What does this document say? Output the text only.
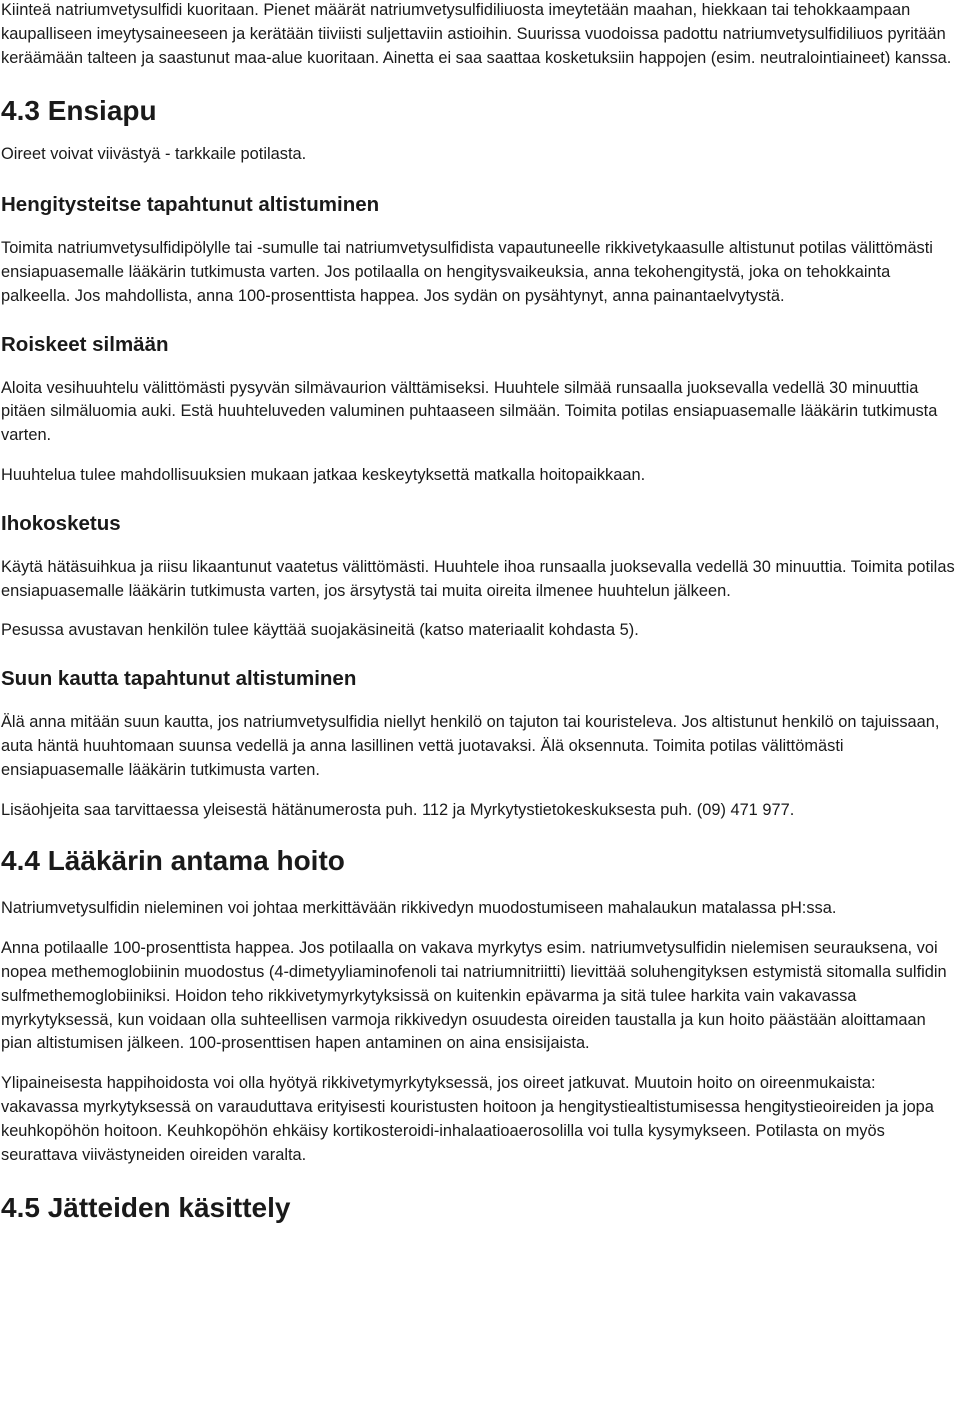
Kiinteä natriumvetysulfidi kuoritaan. Pienet määrät natriumvetysulfidiliuosta imeytetään maahan, hiekkaan tai tehokkaampaan kaupalliseen imeytysaineeseen ja kerätään tiiviisti suljettaviin astioihin. Suurissa vuodoissa padottu natriumvetysulfidiliuos pyritään keräämään talteen ja saastunut maa-alue kuoritaan. Ainetta ei saa saattaa kosketuksiin happojen (esim. neutralointiaineet) kanssa.

4.3 Ensiapu

Oireet voivat viivästyä - tarkkaile potilasta.

Hengitysteitse tapahtunut altistuminen

Toimita natriumvetysulfidipölylle tai -sumulle tai natriumvetysulfidista vapautuneelle rikkivetykaasulle altistunut potilas välittömästi ensiapuasemalle lääkärin tutkimusta varten. Jos potilaalla on hengitysvaikeuksia, anna tekohengitystä, joka on tehokkainta palkeella. Jos mahdollista, anna 100-prosenttista happea. Jos sydän on pysähtynyt, anna painantaelvytystä.

Roiskeet silmään

Aloita vesihuuhtelu välittömästi pysyvän silmävaurion välttämiseksi. Huuhtele silmää runsaalla juoksevalla vedellä 30 minuuttia pitäen silmäluomia auki. Estä huuhteluveden valuminen puhtaaseen silmään. Toimita potilas ensiapuasemalle lääkärin tutkimusta varten.

Huuhtelua tulee mahdollisuuksien mukaan jatkaa keskeytyksettä matkalla hoitopaikkaan.

Ihokosketus

Käytä hätäsuihkua ja riisu likaantunut vaatetus välittömästi. Huuhtele ihoa runsaalla juoksevalla vedellä 30 minuuttia. Toimita potilas ensiapuasemalle lääkärin tutkimusta varten, jos ärsytystä tai muita oireita ilmenee huuhtelun jälkeen.

Pesussa avustavan henkilön tulee käyttää suojakäsineitä (katso materiaalit kohdasta 5).

Suun kautta tapahtunut altistuminen

Älä anna mitään suun kautta, jos natriumvetysulfidia niellyt henkilö on tajuton tai kouristeleva. Jos altistunut henkilö on tajuissaan, auta häntä huuhtomaan suunsa vedellä ja anna lasillinen vettä juotavaksi. Älä oksennuta. Toimita potilas välittömästi ensiapuasemalle lääkärin tutkimusta varten.

Lisäohjeita saa tarvittaessa yleisestä hätänumerosta puh. 112 ja Myrkytystietokeskuksesta puh. (09) 471 977.

4.4 Lääkärin antama hoito

Natriumvetysulfidin nieleminen voi johtaa merkittävään rikkivedyn muodostumiseen mahalaukun matalassa pH:ssa.

Anna potilaalle 100-prosenttista happea. Jos potilaalla on vakava myrkytys esim. natriumvetysulfidin nielemisen seurauksena, voi nopea methemoglobiinin muodostus (4-dimetyyliaminofenoli tai natriumnitriitti) lievittää soluhengityksen estymistä sitomalla sulfidin sulfmethemoglobiiniksi. Hoidon teho rikkivetymyrkytyksissä on kuitenkin epävarma ja sitä tulee harkita vain vakavassa myrkytyksessä, kun voidaan olla suhteellisen varmoja rikkivedyn osuudesta oireiden taustalla ja kun hoito päästään aloittamaan pian altistumisen jälkeen. 100-prosenttisen hapen antaminen on aina ensisijaista.

Ylipaineisesta happihoidosta voi olla hyötyä rikkivetymyrkytyksessä, jos oireet jatkuvat. Muutoin hoito on oireenmukaista: vakavassa myrkytyksessä on varauduttava erityisesti kouristusten hoitoon ja hengitystiealtistumisessa hengitystieoireiden ja jopa keuhkopöhön hoitoon. Keuhkopöhön ehkäisy kortikosteroidi-inhalaatioaerosolilla voi tulla kysymykseen. Potilasta on myös seurattava viivästyneiden oireiden varalta.

4.5 Jätteiden käsittely
